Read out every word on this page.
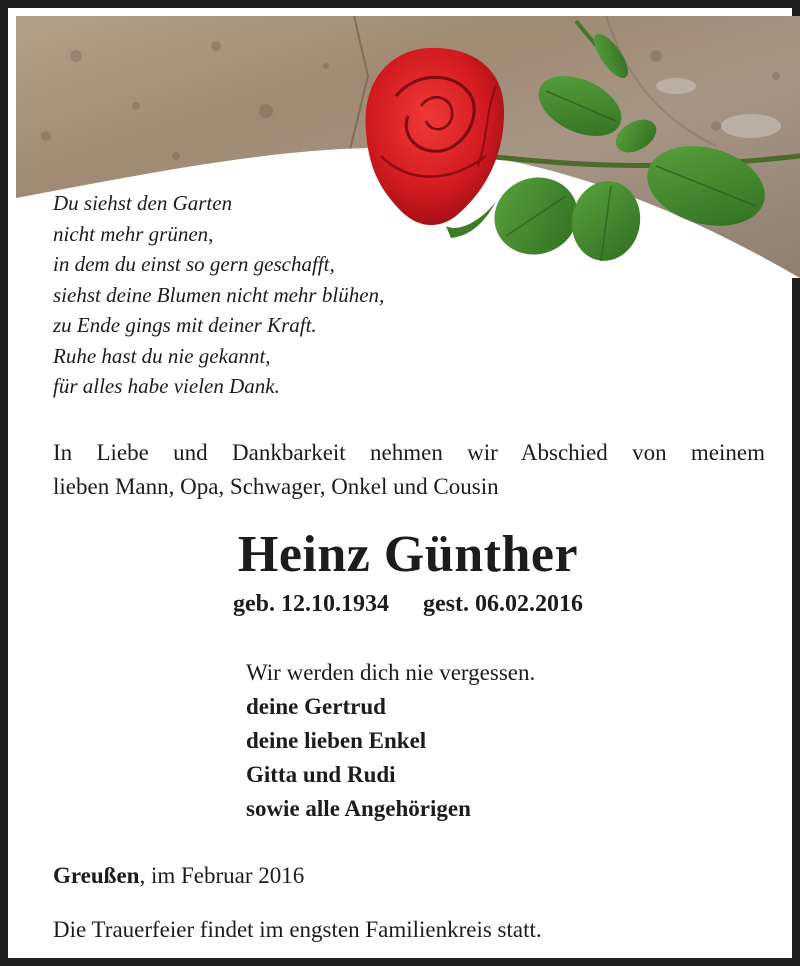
Du siehst den Garten
nicht mehr grünen,
in dem du einst so gern geschafft,
siehst deine Blumen nicht mehr blühen,
zu Ende gings mit deiner Kraft.
Ruhe hast du nie gekannt,
für alles habe vielen Dank.
In Liebe und Dankbarkeit nehmen wir Abschied von meinem
lieben Mann, Opa, Schwager, Onkel und Cousin
Heinz Günther
geb. 12.10.1934 gest. 06.02.2016
Wir werden dich nie vergessen.
deine Gertrud
deine lieben Enkel
Gitta und Rudi
sowie alle Angehörigen
Greußen, im Februar 2016
Die Trauerfeier findet im engsten Familienkreis statt.
